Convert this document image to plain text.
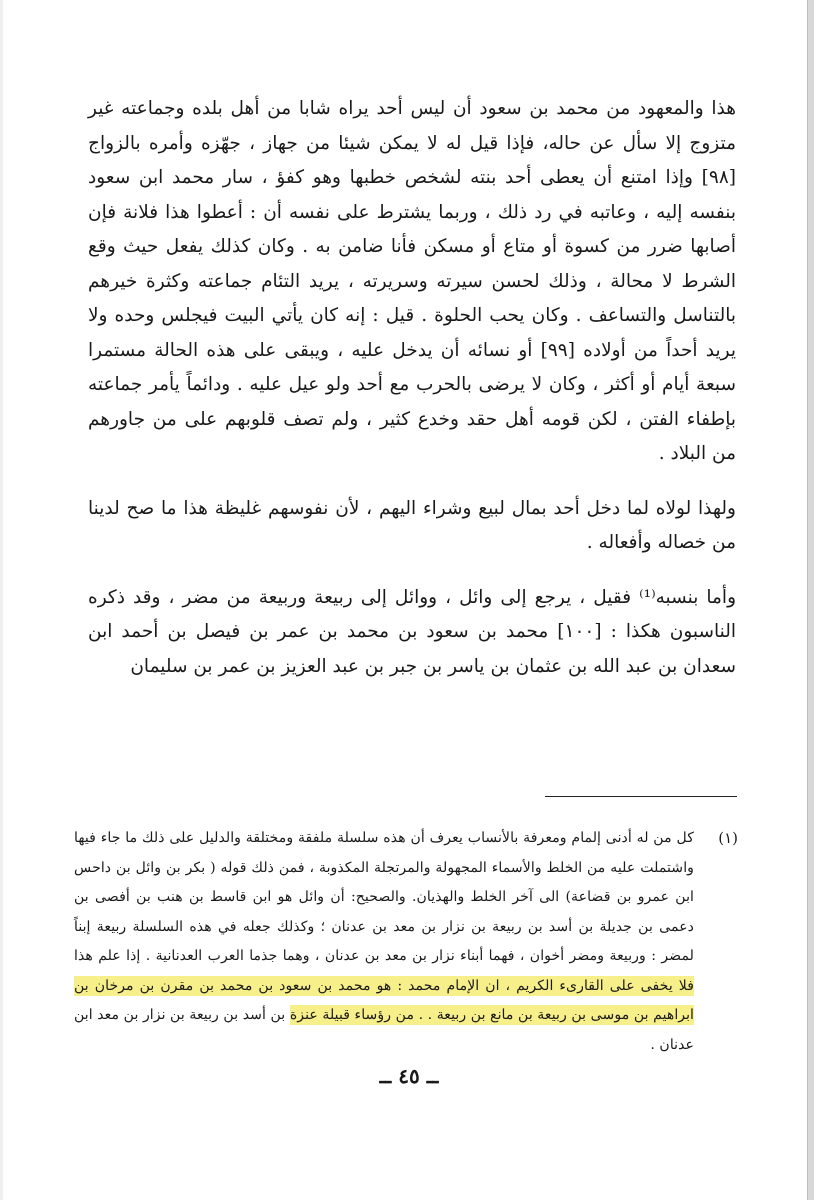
هذا والمعهود من محمد بن سعود أن ليس أحد يراه شابا من أهل بلده وجماعته غير متزوج إلا سأل عن حاله، فإذا قيل له لا يمكن شيئا من جهاز ، جهّزه وأمره بالزواج [٩٨] وإذا امتنع أن يعطى أحد بنته لشخص خطبها وهو كفؤ ، سار محمد ابن سعود بنفسه إليه ، وعاتبه في رد ذلك ، وربما يشترط على نفسه أن : أعطوا هذا فلانة فإن أصابها ضرر من كسوة أو متاع أو مسكن فأنا ضامن به . وكان كذلك يفعل حيث وقع الشرط لا محالة ، وذلك لحسن سيرته وسريرته ، يريد التئام جماعته وكثرة خيرهم بالتناسل والتساعف . وكان يحب الحلوة . قيل : إنه كان يأتي البيت فيجلس وحده ولا يريد أحداً من أولاده [٩٩] أو نسائه أن يدخل عليه ، ويبقى على هذه الحالة مستمرا سبعة أيام أو أكثر ، وكان لا يرضى بالحرب مع أحد ولو عيل عليه . ودائماً يأمر جماعته بإطفاء الفتن ، لكن قومه أهل حقد وخدع كثير ، ولم تصف قلوبهم على من جاورهم من البلاد .

ولهذا لولاه لما دخل أحد بمال لبيع وشراء اليهم ، لأن نفوسهم غليظة هذا ما صح لدينا من خصاله وأفعاله .

وأما بنسبه⁽¹⁾ فقيل ، يرجع إلى وائل ، ووائل إلى ربيعة وربيعة من مضر ، وقد ذكره الناسبون هكذا : [١٠٠] محمد بن سعود بن محمد بن عمر بن فيصل بن أحمد ابن سعدان بن عبد الله بن عثمان بن ياسر بن جبر بن عبد العزيز بن عمر بن سليمان

(١)

كل من له أدنى إلمام ومعرفة بالأنساب يعرف أن هذه سلسلة ملفقة ومختلقة والدليل على ذلك ما جاء فيها واشتملت عليه من الخلط والأسماء المجهولة والمرتجلة المكذوبة ، فمن ذلك قوله ( بكر بن وائل بن داحس ابن عمرو بن قضاعة) الى آخر الخلط والهذيان. والصحيح: أن وائل هو ابن قاسط بن هنب بن أفصى بن دعمى بن جديلة بن أسد بن ربيعة بن نزار بن معد بن عدنان ؛ وكذلك جعله في هذه السلسلة ربيعة إبناً لمضر : وربيعة ومضر أخوان ، فهما أبناء نزار بن معد بن عدنان ، وهما جذما العرب العدنانية . إذا علم هذا فلا يخفى على القارىء الكريم ، ان الإمام محمد : هو محمد بن سعود بن محمد بن مقرن بن مرخان بن ابراهيم بن موسى بن ربيعة بن مانع بن ربيعة . . من رؤساء قبيلة عنزة بن أسد بن ربيعة بن نزار بن معد ابن عدنان .

ــ ٤٥ ــ
